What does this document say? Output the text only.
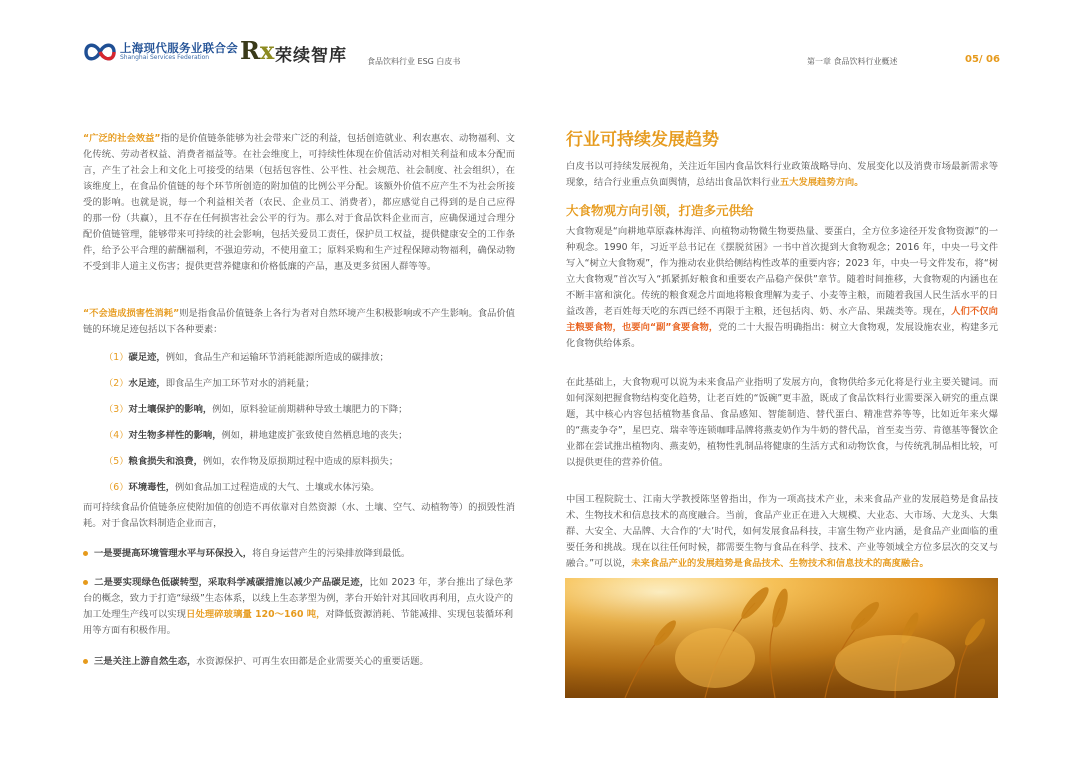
上海现代服务业联合会
Shanghai Services Federation Rx 荣续智库	食品饮料行业 ESG 白皮书	第一章 食品饮料行业概述	05/ 06

“广泛的社会效益”指的是价值链条能够为社会带来广泛的利益，包括创造就业、利农惠农、动物福利、文化传统、劳动者权益、消费者福益等。在社会维度上，可持续性体现在价值活动对相关利益和成本分配而言，产生了社会上和文化上可接受的结果（包括包容性、公平性、社会规范、社会制度、社会组织），在该维度上，在食品价值链的每个环节所创造的附加值的比例公平分配。该额外价值不应产生不为社会所接受的影响。也就是说，每一个利益相关者（农民、企业员工、消费者），都应感觉自己得到的是自己应得的那一份（共赢），且不存在任何损害社会公平的行为。那么对于食品饮料企业而言，应确保通过合理分配价值链管理，能够带来可持续的社会影响，包括关爱员工责任，保护员工权益，提供健康安全的工作条件，给予公平合理的薪酬福利，不强迫劳动，不使用童工；原料采购和生产过程保障动物福利，确保动物不受到非人道主义伤害；提供更营养健康和价格低廉的产品，惠及更多贫困人群等等。

“不会造成损害性消耗”则是指食品价值链条上各行为者对自然环境产生积极影响或不产生影响。食品价值链的环境足迹包括以下各种要素：

（1）碳足迹，例如，食品生产和运输环节消耗能源所造成的碳排放；
（2）水足迹，即食品生产加工环节对水的消耗量；
（3）对土壤保护的影响，例如，原料验证前期耕种导致土壤肥力的下降；
（4）对生物多样性的影响，例如，耕地建废扩张致使自然栖息地的丧失；
（5）粮食损失和浪费，例如，农作物及原损期过程中造成的原料损失；
（6）环境毒性，例如食品加工过程造成的大气、土壤或水体污染。

而可持续食品价值链条应使附加值的创造不再依靠对自然资源（水、土壤、空气、动植物等）的损毁性消耗。对于食品饮料制造企业而言，

一是要提高环境管理水平与环保投入，将自身运营产生的污染排放降到最低。
二是要实现绿色低碳转型，采取科学减碳措施以减少产品碳足迹，比如 2023 年，茅台推出了绿色茅台的概念，致力于打造“绿级”生态体系，以线上生态茅型为例，茅台开始针对其回收再利用，点火设产的加工处理生产线可以实现日处理碎玻璃量 120～160 吨，对降低资源消耗、节能减排、实现包装循环利用等方面有积极作用。
三是关注上游自然生态，水资源保护、可再生农田都是企业需要关心的重要话题。
行业可持续发展趋势

白皮书以可持续发展视角，关注近年国内食品饮料行业政策战略导向、发展变化以及消费市场最新需求等现象，结合行业重点负面舆情，总结出食品饮料行业五大发展趋势方向。

大食物观方向引领，打造多元供给

大食物观是“向耕地草原森林海洋、向植物动物微生物要热量、要蛋白，全方位多途径开发食物资源”的一种观念。1990 年，习近平总书记在《摆脱贫困》一书中首次提到大食物观念；2016 年，中央一号文件写入“树立大食物观”，作为推动农业供给侧结构性改革的重要内容；2023 年，中央一号文件发布，将“树立大食物观”首次写入“抓紧抓好粮食和重要农产品稳产保供”章节。随着时间推移，大食物观的内涵也在不断丰富和演化。传统的粮食观念片面地将粮食理解为麦子、小麦等主粮，而随着我国人民生活水平的日益改善，老百姓每天吃的东西已经不再限于主粮，还包括肉、奶、水产品、果蔬类等。现在，人们不仅向主粮要食物，也要向“副”食要食物，党的二十大报告明确指出：树立大食物观，发展设施农业，构建多元化食物供给体系。

在此基础上，大食物观可以说为未来食品产业指明了发展方向，食物供给多元化将是行业主要关键词。而如何深刻把握食物结构变化趋势，让老百姓的“饭碗”更丰盈，既成了食品饮料行业需要深入研究的重点课题，其中核心内容包括植物基食品、食品感知、智能制造、替代蛋白、精准营养等等，比如近年来火爆的“燕麦争夺”，星巴克、瑞幸等连锁咖啡品牌将燕麦奶作为牛奶的替代品，首至麦当劳、肯德基等餐饮企业都在尝试推出植物肉、燕麦奶，植物性乳制品将健康的生活方式和动物饮食，与传统乳制品相比较，可以提供更佳的营养价值。

中国工程院院士、江南大学教授陈坚曾指出，作为一项高技术产业，未来食品产业的发展趋势是食品技术、生物技术和信息技术的高度融合。当前，食品产业正在进入大规模、大业态、大市场、大龙头、大集群、大安全、大品牌、大合作的‘大’时代，如何发展食品科技，丰富生物产业内涵，是食品产业面临的重要任务和挑战。现在以往任何时候，都需要生物与食品在科学、技术、产业等领域全方位多层次的交叉与融合。”可以说，未来食品产业的发展趋势是食品技术、生物技术和信息技术的高度融合。
